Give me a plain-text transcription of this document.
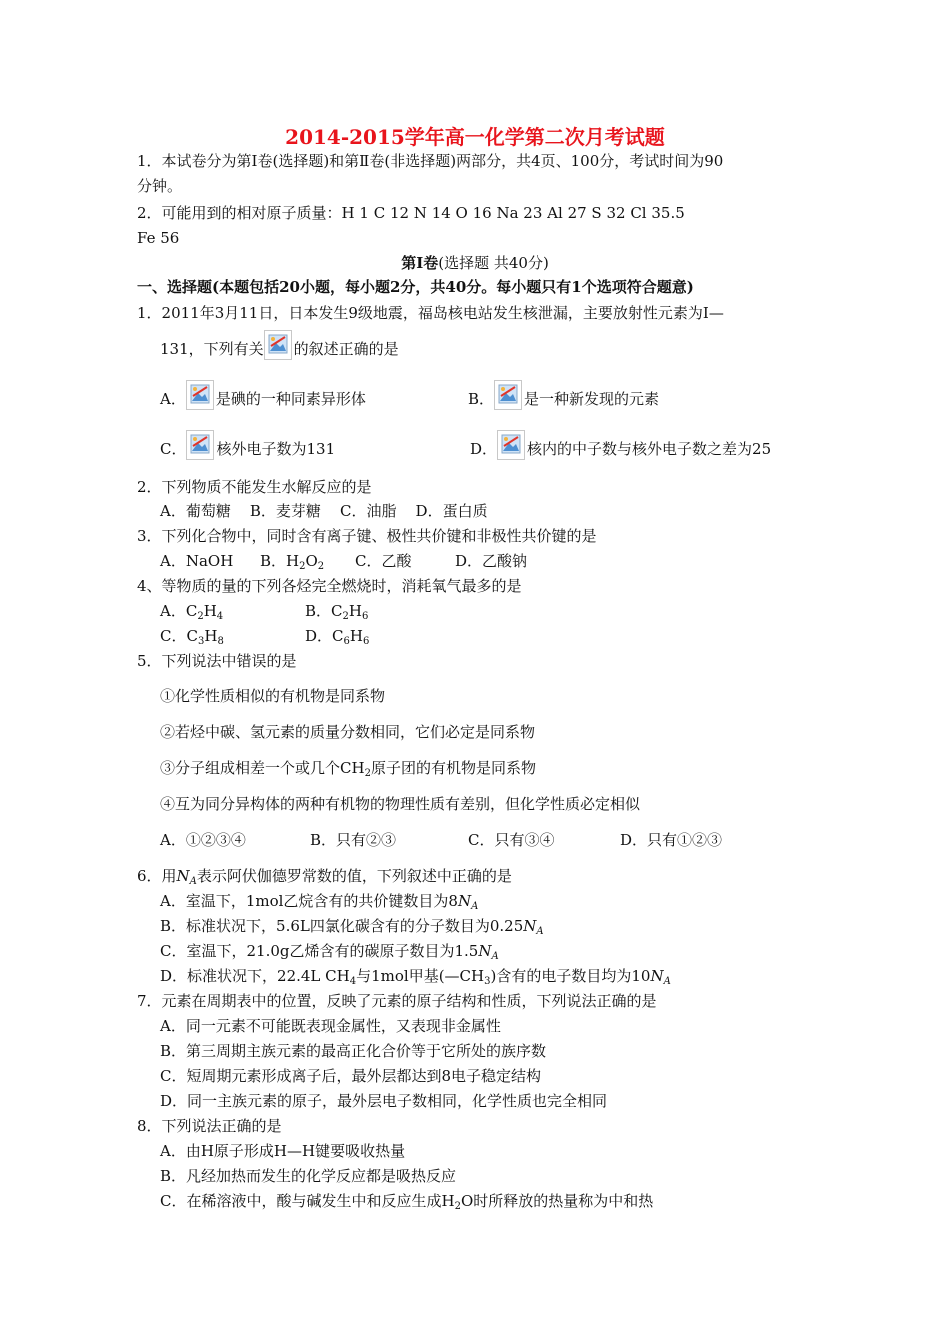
2014-2015学年高一化学第二次月考试题
1．本试卷分为第Ⅰ卷(选择题)和第Ⅱ卷(非选择题)两部分，共4页、100分，考试时间为90
分钟。
2．可能用到的相对原子质量：H 1 C 12 N 14 O 16 Na 23 Al 27 S 32 Cl 35.5
Fe 56
第Ⅰ卷(选择题 共40分)
一、选择题(本题包括20小题，每小题2分，共40分。每小题只有1个选项符合题意)
1．2011年3月11日，日本发生9级地震，福岛核电站发生核泄漏，主要放射性元素为I—
131，下列有关 的叙述正确的是
A． 是碘的一种同素异形体	B． 是一种新发现的元素
C． 核外电子数为131	D． 核内的中子数与核外电子数之差为25
2．下列物质不能发生水解反应的是
A．葡萄糖    B．麦芽糖    C．油脂    D．蛋白质
3．下列化合物中，同时含有离子键、极性共价键和非极性共价键的是
A．NaOH B．$H_2O_2$ C．乙酸	D．乙酸钠
4、等物质的量的下列各烃完全燃烧时，消耗氧气最多的是
A．$C_2H_4$	B．$C_2H_6$
C．$C_3H_8$	D．$C_6H_6$
5．下列说法中错误的是
①化学性质相似的有机物是同系物
②若烃中碳、氢元素的质量分数相同，它们必定是同系物
③分子组成相差一个或几个$CH_2$原子团的有机物是同系物
④互为同分异构体的两种有机物的物理性质有差别，但化学性质必定相似
A．①②③④	B．只有②③	C．只有③④	D．只有①②③
6．用$N_A$表示阿伏伽德罗常数的值，下列叙述中正确的是
A．室温下，1mol乙烷含有的共价键数目为$8N_A$
B．标准状况下，5.6L四氯化碳含有的分子数目为$0.25N_A$
C．室温下，21.0g乙烯含有的碳原子数目为$1.5N_A$
D．标准状况下，22.4L $CH_4$与1mol甲基$(—CH_3)$含有的电子数目均为$10N_A$
7．元素在周期表中的位置，反映了元素的原子结构和性质，下列说法正确的是
A．同一元素不可能既表现金属性，又表现非金属性
B．第三周期主族元素的最高正化合价等于它所处的族序数
C．短周期元素形成离子后，最外层都达到8电子稳定结构
D．同一主族元素的原子，最外层电子数相同，化学性质也完全相同
8．下列说法正确的是
A．由H原子形成H—H键要吸收热量
B．凡经加热而发生的化学反应都是吸热反应
C．在稀溶液中，酸与碱发生中和反应生成$H_2O$时所释放的热量称为中和热
